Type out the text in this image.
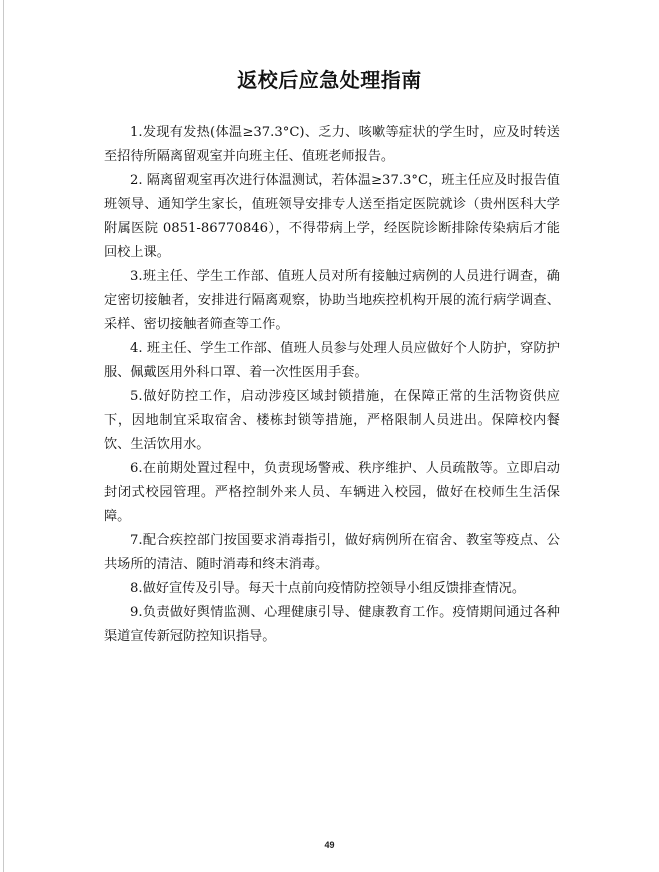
返校后应急处理指南

1.发现有发热(体温≥37.3°C)、乏力、咳嗽等症状的学生时，应及时转送至招待所隔离留观室并向班主任、值班老师报告。

2. 隔离留观室再次进行体温测试，若体温≥37.3°C，班主任应及时报告值班领导、通知学生家长，值班领导安排专人送至指定医院就诊（贵州医科大学附属医院 0851-86770846），不得带病上学，经医院诊断排除传染病后才能回校上课。

3.班主任、学生工作部、值班人员对所有接触过病例的人员进行调查，确定密切接触者，安排进行隔离观察，协助当地疾控机构开展的流行病学调查、采样、密切接触者筛查等工作。

4. 班主任、学生工作部、值班人员参与处理人员应做好个人防护，穿防护服、佩戴医用外科口罩、着一次性医用手套。

5.做好防控工作，启动涉疫区域封锁措施，在保障正常的生活物资供应下，因地制宜采取宿舍、楼栋封锁等措施，严格限制人员进出。保障校内餐饮、生活饮用水。

6.在前期处置过程中，负责现场警戒、秩序维护、人员疏散等。立即启动封闭式校园管理。严格控制外来人员、车辆进入校园，做好在校师生生活保障。

7.配合疾控部门按国要求消毒指引，做好病例所在宿舍、教室等疫点、公共场所的清洁、随时消毒和终末消毒。

8.做好宣传及引导。每天十点前向疫情防控领导小组反馈排查情况。

9.负责做好舆情监测、心理健康引导、健康教育工作。疫情期间通过各种渠道宣传新冠防控知识指导。

49
